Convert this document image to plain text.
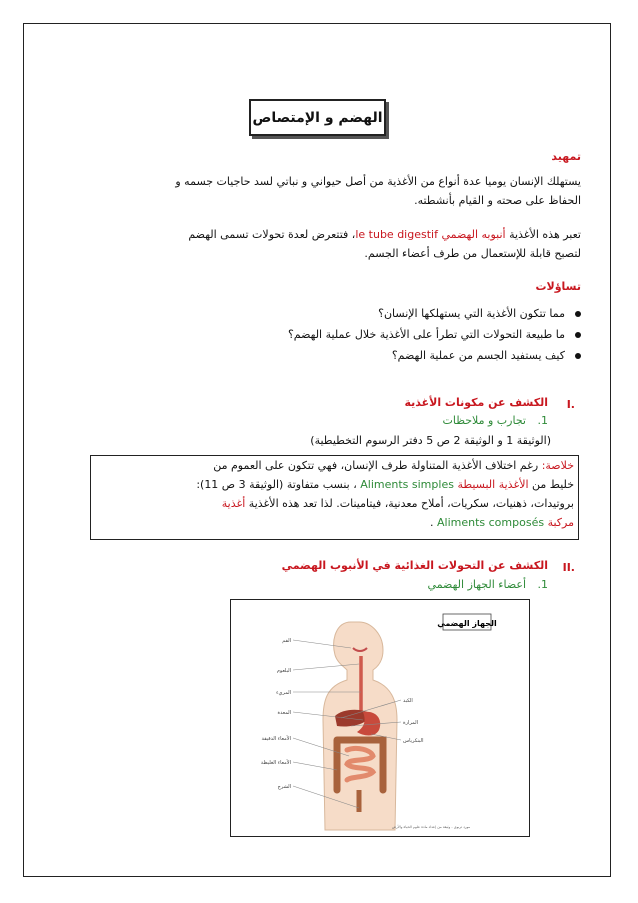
الهضم و الإمتصاص
تمهيد
يستهلك الإنسان يوميا عدة أنواع من الأغذية من أصل حيواني و نباتي لسد حاجيات جسمه و
الحفاظ على صحته و القيام بأنشطته.
تعبر هذه الأغذية أنبوبه الهضمي le tube digestif، فتتعرض لعدة تحولات تسمى الهضم
لتصبح قابلة للإستعمال من طرف أعضاء الجسم.
تساؤلات
مما تتكون الأغذية التي يستهلكها الإنسان؟
ما طبيعة التحولات التي تطرأ على الأغذية خلال عملية الهضم؟
كيف يستفيد الجسم من عملية الهضم؟
I.
الكشف عن مكونات الأغذية
.1
تجارب و ملاحظات
(الوثيقة 1 و الوثيقة 2 ص 5 دفتر الرسوم التخطيطية)
خلاصة: رغم اختلاف الأغذية المتناولة طرف الإنسان، فهي تتكون على العموم من
خليط من الأغذية البسيطة Aliments simples ، بنسب متفاوتة (الوثيقة 3 ص 11):
بروتيدات، ذهنيات، سكريات، أملاح معدنية، فيتامينات. لذا تعد هذه الأغذية أغذية
مركبة Aliments composés .
II.
الكشف عن التحولات الغذائية في الأنبوب الهضمي
.1
أعضاء الجهاز الهضمي
الجهاز الهضمي
الفم
البلعوم
المريء
المعدة
الأمعاء الدقيقة
الأمعاء الغليظة
الشرج
الكبد
المرارة
البنكرياس
مورد تربوي - وثيقة من إعداد مادة علوم الحياة والأرض
